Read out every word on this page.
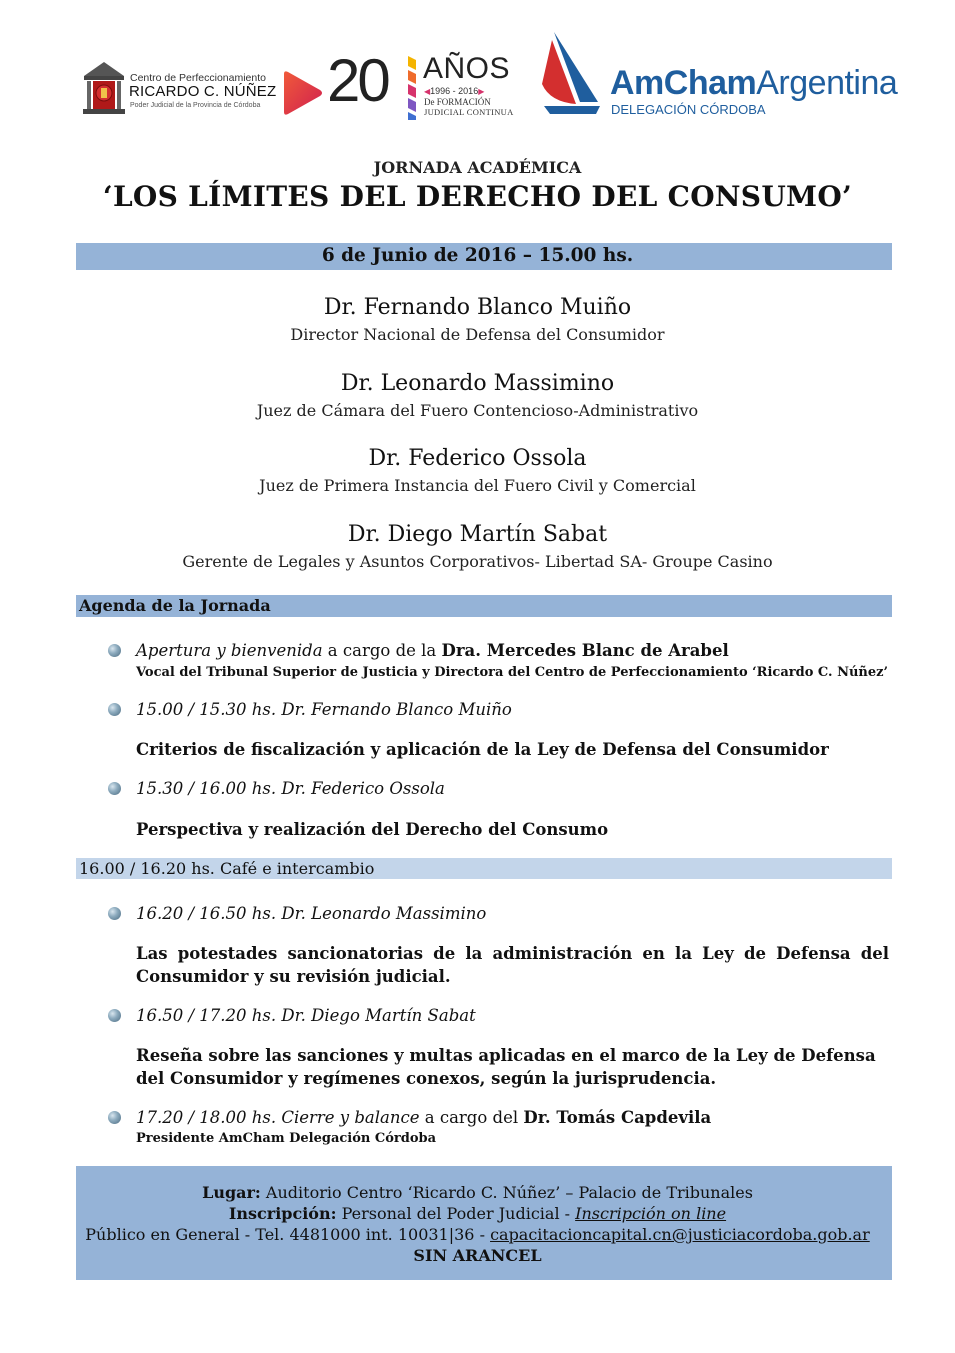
Centro de Perfeccionamiento
RICARDO C. NÚÑEZ
Poder Judicial de la Provincia de Córdoba 20 AÑOS
◀1996 - 2016▶
De FORMACIÓN
JUDICIAL CONTINUA
AmChamArgentina
DELEGACIÓN CÓRDOBA
JORNADA ACADÉMICA
‘LOS LÍMITES DEL DERECHO DEL CONSUMO’
6 de Junio de 2016 – 15.00 hs.
Dr. Fernando Blanco Muiño
Director Nacional de Defensa del Consumidor
Dr. Leonardo Massimino
Juez de Cámara del Fuero Contencioso-Administrativo
Dr. Federico Ossola
Juez de Primera Instancia del Fuero Civil y Comercial
Dr. Diego Martín Sabat
Gerente de Legales y Asuntos Corporativos- Libertad SA- Groupe Casino
Agenda de la Jornada
Apertura y bienvenida a cargo de la Dra. Mercedes Blanc de Arabel
Vocal del Tribunal Superior de Justicia y Directora del Centro de Perfeccionamiento ‘Ricardo C. Núñez’
15.00 / 15.30 hs. Dr. Fernando Blanco Muiño
Criterios de fiscalización y aplicación de la Ley de Defensa del Consumidor
15.30 / 16.00 hs. Dr. Federico Ossola
Perspectiva y realización del Derecho del Consumo
16.00 / 16.20 hs. Café e intercambio
16.20 / 16.50 hs. Dr. Leonardo Massimino
Las potestades sancionatorias de la administración en la Ley de Defensa del Consumidor y su revisión judicial.
16.50 / 17.20 hs. Dr. Diego Martín Sabat
Reseña sobre las sanciones y multas aplicadas en el marco de la Ley de Defensa del Consumidor y regímenes conexos, según la jurisprudencia.
17.20 / 18.00 hs. Cierre y balance a cargo del Dr. Tomás Capdevila
Presidente AmCham Delegación Córdoba
Lugar: Auditorio Centro ‘Ricardo C. Núñez’ – Palacio de Tribunales
Inscripción: Personal del Poder Judicial - Inscripción on line
Público en General - Tel. 4481000 int. 10031|36 - capacitacioncapital.cn@justiciacordoba.gob.ar
SIN ARANCEL
